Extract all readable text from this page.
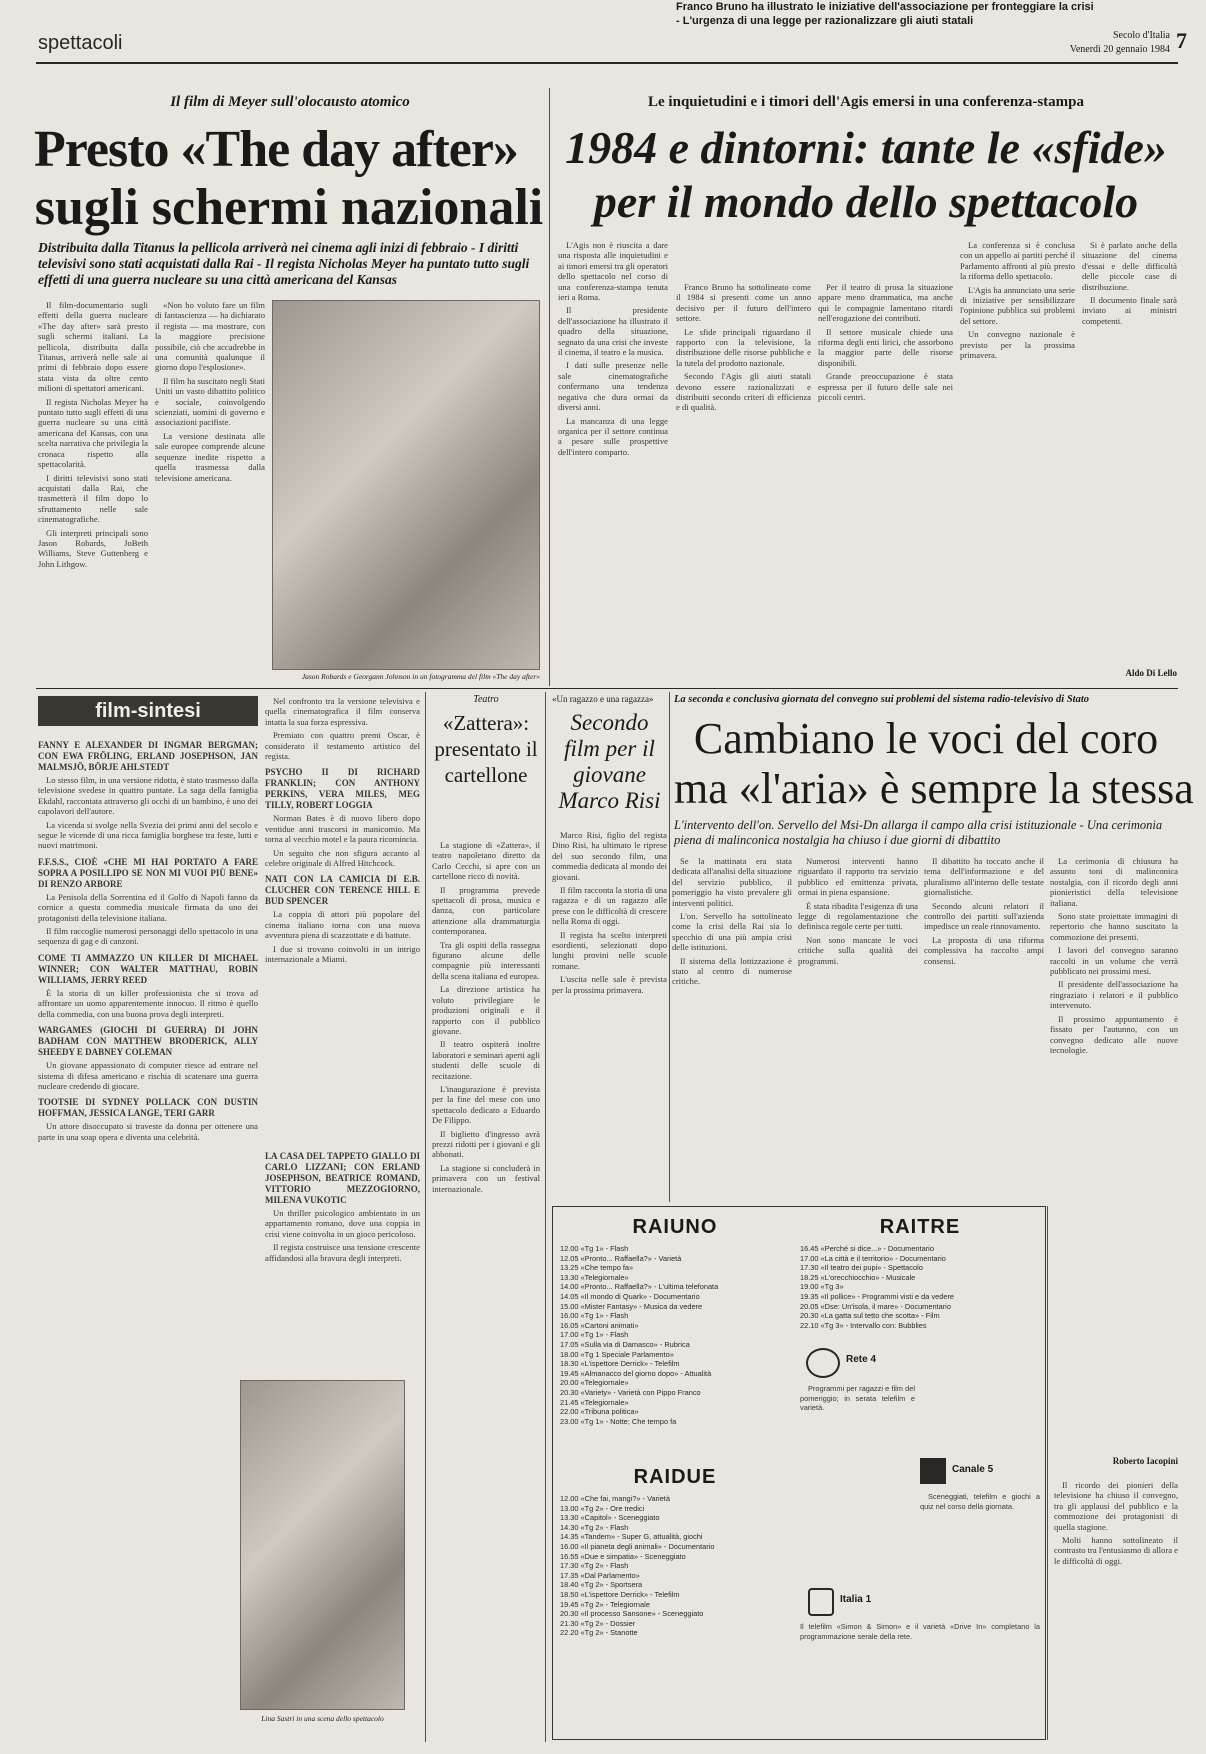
spettacoli	Secolo d'Italia
Venerdì 20 gennaio 1984 7
Il film di Meyer sull'olocausto atomico
Presto «The day after»
sugli schermi nazionali
Distribuita dalla Titanus la pellicola arriverà nei cinema agli inizi di febbraio - I diritti televisivi sono stati acquistati dalla Rai - Il regista Nicholas Meyer ha puntato tutto sugli effetti di una guerra nucleare su una città americana del Kansas

Il film-documentario sugli effetti della guerra nucleare «The day after» sarà presto sugli schermi italiani. La pellicola, distribuita dalla Titanus, arriverà nelle sale ai primi di febbraio dopo essere stata vista da oltre cento milioni di spettatori americani.

Il regista Nicholas Meyer ha puntato tutto sugli effetti di una guerra nucleare su una città americana del Kansas, con una scelta narrativa che privilegia la cronaca rispetto alla spettacolarità.

I diritti televisivi sono stati acquistati dalla Rai, che trasmetterà il film dopo lo sfruttamento nelle sale cinematografiche.

Gli interpreti principali sono Jason Robards, JoBeth Williams, Steve Guttenberg e John Lithgow.

«Non ho voluto fare un film di fantascienza — ha dichiarato il regista — ma mostrare, con la maggiore precisione possibile, ciò che accadrebbe in una comunità qualunque il giorno dopo l'esplosione».

Il film ha suscitato negli Stati Uniti un vasto dibattito politico e sociale, coinvolgendo scienziati, uomini di governo e associazioni pacifiste.

La versione destinata alle sale europee comprende alcune sequenze inedite rispetto a quella trasmessa dalla televisione americana.

Jason Robards e Georgann Johnson in un fotogramma del film «The day after»
Le inquietudini e i timori dell'Agis emersi in una conferenza-stampa
1984 e dintorni: tante le «sfide»
per il mondo dello spettacolo

L'Agis non è riuscita a dare una risposta alle inquietudini e ai timori emersi tra gli operatori dello spettacolo nel corso di una conferenza-stampa tenuta ieri a Roma.

Il presidente dell'associazione ha illustrato il quadro della situazione, segnato da una crisi che investe il cinema, il teatro e la musica.

I dati sulle presenze nelle sale cinematografiche confermano una tendenza negativa che dura ormai da diversi anni.

La mancanza di una legge organica per il settore continua a pesare sulle prospettive dell'intero comparto.

Franco Bruno ha illustrato le iniziative dell'associazione per fronteggiare la crisi - L'urgenza di una legge per razionalizzare gli aiuti statali

Franco Bruno ha sottolineato come il 1984 si presenti come un anno decisivo per il futuro dell'intero settore.

Le sfide principali riguardano il rapporto con la televisione, la distribuzione delle risorse pubbliche e la tutela del prodotto nazionale.

Secondo l'Agis gli aiuti statali devono essere razionalizzati e distribuiti secondo criteri di efficienza e di qualità.

Per il teatro di prosa la situazione appare meno drammatica, ma anche qui le compagnie lamentano ritardi nell'erogazione dei contributi.

Il settore musicale chiede una riforma degli enti lirici, che assorbono la maggior parte delle risorse disponibili.

Grande preoccupazione è stata espressa per il futuro delle sale nei piccoli centri.

La conferenza si è conclusa con un appello ai partiti perché il Parlamento affronti al più presto la riforma dello spettacolo.

L'Agis ha annunciato una serie di iniziative per sensibilizzare l'opinione pubblica sui problemi del settore.

Un convegno nazionale è previsto per la prossima primavera.

Si è parlato anche della situazione del cinema d'essai e delle difficoltà delle piccole case di distribuzione.

Il documento finale sarà inviato ai ministri competenti.

Aldo Di Lello
film-sintesi
FANNY E ALEXANDER DI INGMAR BERGMAN; CON EWA FRÖLING, ERLAND JOSEPHSON, JAN MALMSJÖ, BÖRJE AHLSTEDT

Lo stesso film, in una versione ridotta, è stato trasmesso dalla televisione svedese in quattro puntate. La saga della famiglia Ekdahl, raccontata attraverso gli occhi di un bambino, è uno dei capolavori dell'autore.

La vicenda si svolge nella Svezia dei primi anni del secolo e segue le vicende di una ricca famiglia borghese tra feste, lutti e nuovi matrimoni.

F.F.S.S., CIOÈ «CHE MI HAI PORTATO A FARE SOPRA A POSILLIPO SE NON MI VUOI PIÙ BENE» DI RENZO ARBORE

La Penisola della Sorrentina ed il Golfo di Napoli fanno da cornice a questa commedia musicale firmata da uno dei protagonisti della televisione italiana.

Il film raccoglie numerosi personaggi dello spettacolo in una sequenza di gag e di canzoni.

COME TI AMMAZZO UN KILLER DI MICHAEL WINNER; CON WALTER MATTHAU, ROBIN WILLIAMS, JERRY REED

È la storia di un killer professionista che si trova ad affrontare un uomo apparentemente innocuo. Il ritmo è quello della commedia, con una buona prova degli interpreti.

WARGAMES (GIOCHI DI GUERRA) DI JOHN BADHAM CON MATTHEW BRODERICK, ALLY SHEEDY E DABNEY COLEMAN

Un giovane appassionato di computer riesce ad entrare nel sistema di difesa americano e rischia di scatenare una guerra nucleare credendo di giocare.

TOOTSIE DI SYDNEY POLLACK CON DUSTIN HOFFMAN, JESSICA LANGE, TERI GARR

Un attore disoccupato si traveste da donna per ottenere una parte in una soap opera e diventa una celebrità.

Nel confronto tra la versione televisiva e quella cinematografica il film conserva intatta la sua forza espressiva.

Premiato con quattro premi Oscar, è considerato il testamento artistico del regista.

PSYCHO II DI RICHARD FRANKLIN; CON ANTHONY PERKINS, VERA MILES, MEG TILLY, ROBERT LOGGIA

Norman Bates è di nuovo libero dopo ventidue anni trascorsi in manicomio. Ma torna al vecchio motel e la paura ricomincia.

Un seguito che non sfigura accanto al celebre originale di Alfred Hitchcock.

NATI CON LA CAMICIA DI E.B. CLUCHER CON TERENCE HILL E BUD SPENCER

La coppia di attori più popolare del cinema italiano torna con una nuova avventura piena di scazzottate e di battute.

I due si trovano coinvolti in un intrigo internazionale a Miami.

LA CASA DEL TAPPETO GIALLO DI CARLO LIZZANI; CON ERLAND JOSEPHSON, BEATRICE ROMAND, VITTORIO MEZZOGIORNO, MILENA VUKOTIC

Un thriller psicologico ambientato in un appartamento romano, dove una coppia in crisi viene coinvolta in un gioco pericoloso.

Il regista costruisce una tensione crescente affidandosi alla bravura degli interpreti.

Lina Sastri in una scena dello spettacolo
Teatro
«Zattera»: presentato il cartellone

La stagione di «Zattera», il teatro napoletano diretto da Carlo Cecchi, si apre con un cartellone ricco di novità.

Il programma prevede spettacoli di prosa, musica e danza, con particolare attenzione alla drammaturgia contemporanea.

Tra gli ospiti della rassegna figurano alcune delle compagnie più interessanti della scena italiana ed europea.

La direzione artistica ha voluto privilegiare le produzioni originali e il rapporto con il pubblico giovane.

Il teatro ospiterà inoltre laboratori e seminari aperti agli studenti delle scuole di recitazione.

L'inaugurazione è prevista per la fine del mese con uno spettacolo dedicato a Eduardo De Filippo.

Il biglietto d'ingresso avrà prezzi ridotti per i giovani e gli abbonati.

La stagione si concluderà in primavera con un festival internazionale.

«Un ragazzo e una ragazza»
Secondo film per il giovane Marco Risi

Marco Risi, figlio del regista Dino Risi, ha ultimato le riprese del suo secondo film, una commedia dedicata al mondo dei giovani.

Il film racconta la storia di una ragazza e di un ragazzo alle prese con le difficoltà di crescere nella Roma di oggi.

Il regista ha scelto interpreti esordienti, selezionati dopo lunghi provini nelle scuole romane.

L'uscita nelle sale è prevista per la prossima primavera.

Se la mattinata era stata dedicata all'analisi della situazione del servizio pubblico, il pomeriggio ha visto prevalere gli interventi politici.

L'on. Servello ha sottolineato come la crisi della Rai sia lo specchio di una più ampia crisi delle istituzioni.

Il sistema della lottizzazione è stato al centro di numerose critiche.

Numerosi interventi hanno riguardato il rapporto tra servizio pubblico ed emittenza privata, ormai in piena espansione.

È stata ribadita l'esigenza di una legge di regolamentazione che definisca regole certe per tutti.

Non sono mancate le voci critiche sulla qualità dei programmi.

Il dibattito ha toccato anche il tema dell'informazione e del pluralismo all'interno delle testate giornalistiche.

Secondo alcuni relatori il controllo dei partiti sull'azienda impedisce un reale rinnovamento.

La proposta di una riforma complessiva ha raccolto ampi consensi.

La cerimonia di chiusura ha assunto toni di malinconica nostalgia, con il ricordo degli anni pionieristici della televisione italiana.

Sono state proiettate immagini di repertorio che hanno suscitato la commozione dei presenti.

I lavori del convegno saranno raccolti in un volume che verrà pubblicato nei prossimi mesi.

Il presidente dell'associazione ha ringraziato i relatori e il pubblico intervenuto.

Il prossimo appuntamento è fissato per l'autunno, con un convegno dedicato alle nuove tecnologie.

Roberto Iacopini
La seconda e conclusiva giornata del convegno sui problemi del sistema radio-televisivo di Stato
Cambiano le voci del coro
ma «l'aria» è sempre la stessa
L'intervento dell'on. Servello del Msi-Dn allarga il campo alla crisi istituzionale - Una cerimonia piena di malinconica nostalgia ha chiuso i due giorni di dibattito
RAIUNO
12.00 «Tg 1» - Flash
12.05 «Pronto... Raffaella?» - Varietà
13.25 «Che tempo fa»
13.30 «Telegiornale»
14.00 «Pronto... Raffaella?» - L'ultima telefonata
14.05 «Il mondo di Quark» - Documentario
15.00 «Mister Fantasy» - Musica da vedere
16.00 «Tg 1» - Flash
16.05 «Cartoni animati»
17.00 «Tg 1» - Flash
17.05 «Sulla via di Damasco» - Rubrica
18.00 «Tg 1 Speciale Parlamento»
18.30 «L'ispettore Derrick» - Telefilm
19.45 «Almanacco del giorno dopo» - Attualità
20.00 «Telegiornale»
20.30 «Variety» - Varietà con Pippo Franco
21.45 «Telegiornale»
22.00 «Tribuna politica»
23.00 «Tg 1» - Notte; Che tempo fa
RAIDUE
12.00 «Che fai, mangi?» - Varietà
13.00 «Tg 2» - Ore tredici
13.30 «Capitol» - Sceneggiato
14.30 «Tg 2» - Flash
14.35 «Tandem» - Super G, attualità, giochi
16.00 «Il pianeta degli animali» - Documentario
16.55 «Due e simpatia» - Sceneggiato
17.30 «Tg 2» - Flash
17.35 «Dal Parlamento»
18.40 «Tg 2» - Sportsera
18.50 «L'ispettore Derrick» - Telefilm
19.45 «Tg 2» - Telegiornale
20.30 «Il processo Sansone» - Sceneggiato
21.30 «Tg 2» - Dossier
22.20 «Tg 2» - Stanotte
RAITRE
16.45 «Perché si dice...» - Documentario
17.00 «La città e il territorio» - Documentario
17.30 «Il teatro dei pupi» - Spettacolo
18.25 «L'orecchiocchio» - Musicale
19.00 «Tg 3»
19.35 «Il pollice» - Programmi visti e da vedere
20.05 «Dse: Un'isola, il mare» - Documentario
20.30 «La gatta sul tetto che scotta» - Film
22.10 «Tg 3» - Intervallo con: Bubblies
Rete 4

Programmi per ragazzi e film del pomeriggio; in serata telefilm e varietà.

Canale 5

Sceneggiati, telefilm e giochi a quiz nel corso della giornata.

Italia 1
Il telefilm «Simon & Simon» e il varietà «Drive In» completano la programmazione serale della rete.

Il ricordo dei pionieri della televisione ha chiuso il convegno, tra gli applausi del pubblico e la commozione dei protagonisti di quella stagione.

Molti hanno sottolineato il contrasto tra l'entusiasmo di allora e le difficoltà di oggi.
